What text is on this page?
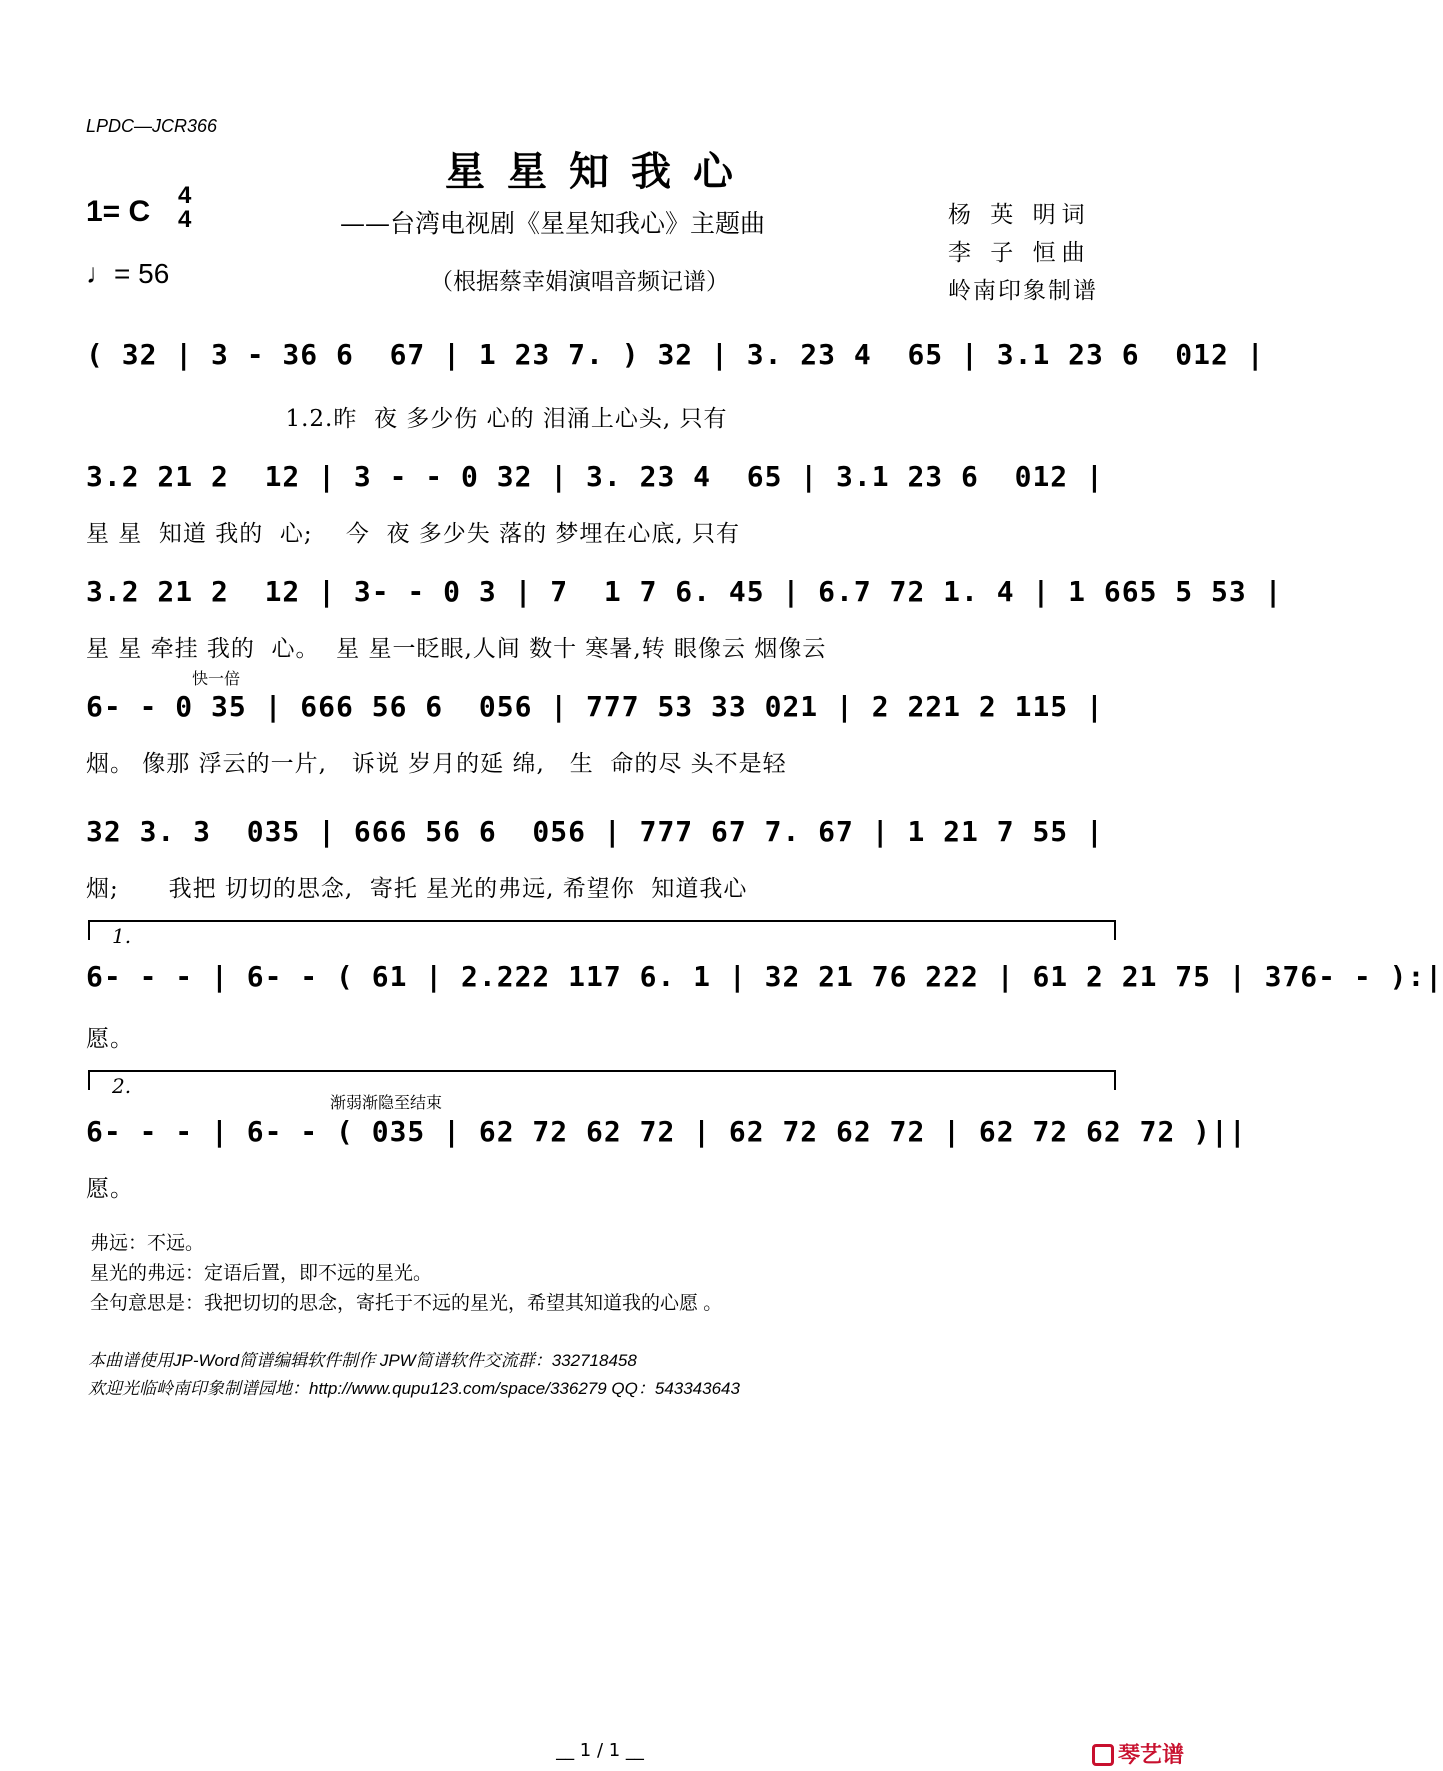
LPDC—JCR366
星星知我心
——台湾电视剧《星星知我心》主题曲
（根据蔡幸娟演唱音频记谱）
1= C 4
4
♩= 56
杨 英 明词
李 子 恒曲
岭南印象制谱
( 32 | 3 - 36 6  67 | 1 23 7. ) 32 | 3. 23 4  65 | 3.1 23 6  012 |
1.2.昨  夜 多少伤 心的 泪涌上心头, 只有
3.2 21 2  12 | 3 - - 0 32 | 3. 23 4  65 | 3.1 23 6  012 |
星 星  知道 我的  心;    今  夜 多少失 落的 梦埋在心底, 只有
3.2 21 2  12 | 3- - 0 3 | 7  1 7 6. 45 | 6.7 72 1. 4 | 1 665 5 53 |
星 星 牵挂 我的  心。  星 星一眨眼,人间 数十 寒暑,转 眼像云 烟像云
快一倍
6- - 0 35 | 666 56 6  056 | 777 53 33 021 | 2 221 2 115 |
烟。 像那 浮云的一片,   诉说 岁月的延 绵,   生  命的尽 头不是轻
32 3. 3  035 | 666 56 6  056 | 777 67 7. 67 | 1 21 7 55 |
烟;      我把 切切的思念,  寄托 星光的弗远, 希望你  知道我心
1.
6- - - | 6- - ( 61 | 2.222 117 6. 1 | 32 21 76 222 | 61 2 21 75 | 376- - ):|
愿。
2.
渐弱渐隐至结束
6- - - | 6- - ( 035 | 62 72 62 72 | 62 72 62 72 | 62 72 62 72 )||
愿。
弗远：不远。
星光的弗远：定语后置，即不远的星光。
全句意思是：我把切切的思念，寄托于不远的星光，希望其知道我的心愿 。
本曲谱使用JP-Word简谱编辑软件制作 JPW简谱软件交流群：332718458
欢迎光临岭南印象制谱园地：http://www.qupu123.com/space/336279 QQ：543343643
__ 1 / 1 __	琴艺谱
